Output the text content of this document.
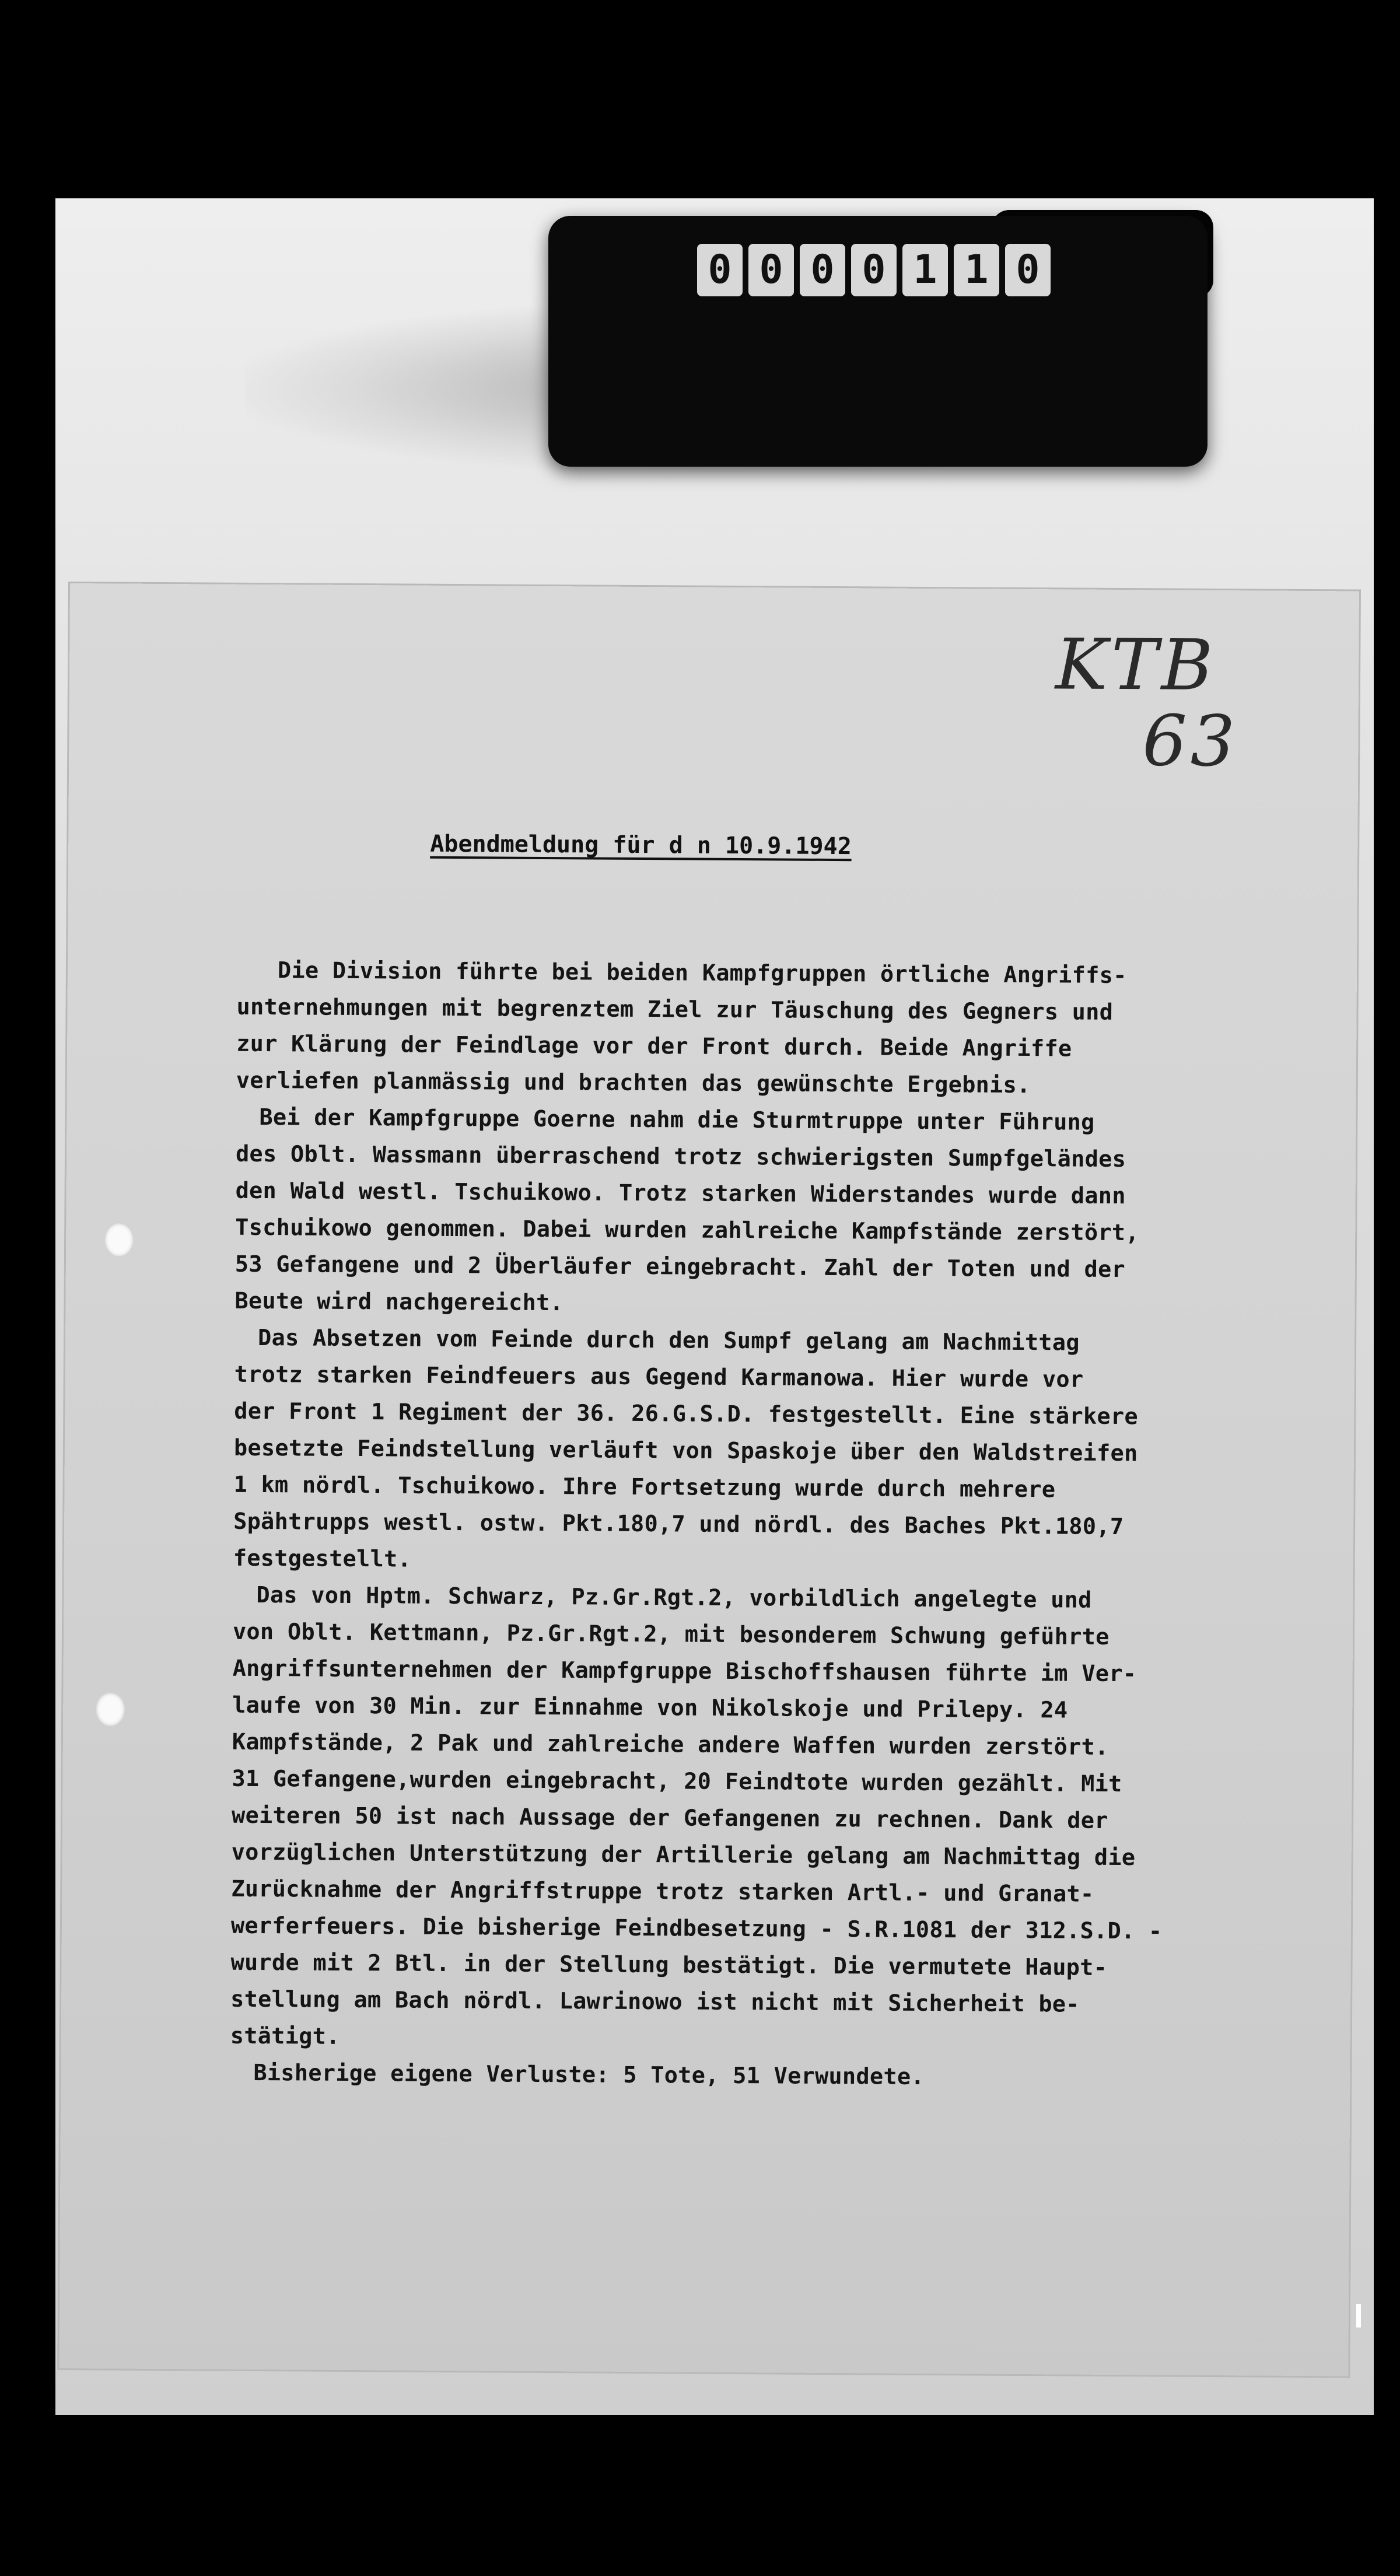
0 0 0 0 1 1 0
KTB
63
Abendmeldung für d n 10.9.1942
Die Division führte bei beiden Kampfgruppen örtliche Angriffs-
unternehmungen mit begrenztem Ziel zur Täuschung des Gegners und
zur Klärung der Feindlage vor der Front durch. Beide Angriffe
verliefen planmässig und brachten das gewünschte Ergebnis.
Bei der Kampfgruppe Goerne nahm die Sturmtruppe unter Führung
des Oblt. Wassmann überraschend trotz schwierigsten Sumpfgeländes
den Wald westl. Tschuikowo. Trotz starken Widerstandes wurde dann
Tschuikowo genommen. Dabei wurden zahlreiche Kampfstände zerstört,
53 Gefangene und 2 Überläufer eingebracht. Zahl der Toten und der
Beute wird nachgereicht.
Das Absetzen vom Feinde durch den Sumpf gelang am Nachmittag
trotz starken Feindfeuers aus Gegend Karmanowa. Hier wurde vor
der Front 1 Regiment der 36. 26.G.S.D. festgestellt. Eine stärkere
besetzte Feindstellung verläuft von Spaskoje über den Waldstreifen
1 km nördl. Tschuikowo. Ihre Fortsetzung wurde durch mehrere
Spähtrupps westl. ostw. Pkt.180,7 und nördl. des Baches Pkt.180,7
festgestellt.
Das von Hptm. Schwarz, Pz.Gr.Rgt.2, vorbildlich angelegte und
von Oblt. Kettmann, Pz.Gr.Rgt.2, mit besonderem Schwung geführte
Angriffsunternehmen der Kampfgruppe Bischoffshausen führte im Ver-
laufe von 30 Min. zur Einnahme von Nikolskoje und Prilepy. 24
Kampfstände, 2 Pak und zahlreiche andere Waffen wurden zerstört.
31 Gefangene,wurden eingebracht, 20 Feindtote wurden gezählt. Mit
weiteren 50 ist nach Aussage der Gefangenen zu rechnen. Dank der
vorzüglichen Unterstützung der Artillerie gelang am Nachmittag die
Zurücknahme der Angriffstruppe trotz starken Artl.- und Granat-
werferfeuers. Die bisherige Feindbesetzung - S.R.1081 der 312.S.D. -
wurde mit 2 Btl. in der Stellung bestätigt. Die vermutete Haupt-
stellung am Bach nördl. Lawrinowo ist nicht mit Sicherheit be-
stätigt.
Bisherige eigene Verluste: 5 Tote, 51 Verwundete.
